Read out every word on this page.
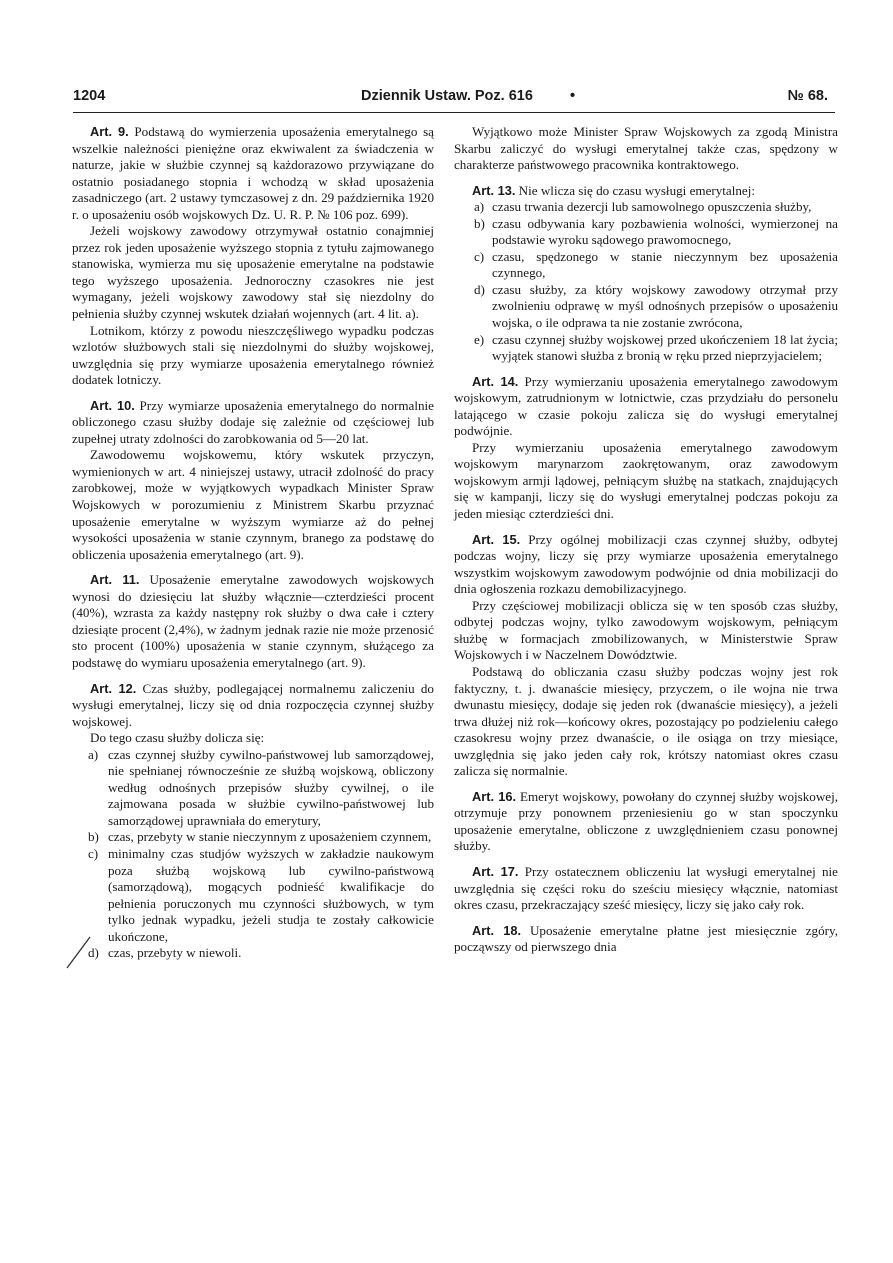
1204	Dziennik Ustaw. Poz. 616	•	№ 68.

Art. 9. Podstawą do wymierzenia uposażenia emerytalnego są wszelkie należności pieniężne oraz ekwiwalent za świadczenia w naturze, jakie w służbie czynnej są każdorazowo przywiązane do ostatnio posiadanego stopnia i wchodzą w skład uposażenia zasadniczego (art. 2 ustawy tymczasowej z dn. 29 października 1920 r. o uposażeniu osób wojskowych Dz. U. R. P. № 106 poz. 699).

Jeżeli wojskowy zawodowy otrzymywał ostatnio conajmniej przez rok jeden uposażenie wyższego stopnia z tytułu zajmowanego stanowiska, wymierza mu się uposażenie emerytalne na podstawie tego wyższego uposażenia. Jednoroczny czasokres nie jest wymagany, jeżeli wojskowy zawodowy stał się niezdolny do pełnienia służby czynnej wskutek działań wojennych (art. 4 lit. a).

Lotnikom, którzy z powodu nieszczęśliwego wypadku podczas wzlotów służbowych stali się niezdolnymi do służby wojskowej, uwzględnia się przy wymiarze uposażenia emerytalnego również dodatek lotniczy.

Art. 10. Przy wymiarze uposażenia emerytalnego do normalnie obliczonego czasu służby dodaje się zależnie od częściowej lub zupełnej utraty zdolności do zarobkowania od 5—20 lat.

Zawodowemu wojskowemu, który wskutek przyczyn, wymienionych w art. 4 niniejszej ustawy, utracił zdolność do pracy zarobkowej, może w wyjątkowych wypadkach Minister Spraw Wojskowych w porozumieniu z Ministrem Skarbu przyznać uposażenie emerytalne w wyższym wymiarze aż do pełnej wysokości uposażenia w stanie czynnym, branego za podstawę do obliczenia uposażenia emerytalnego (art. 9).

Art. 11. Uposażenie emerytalne zawodowych wojskowych wynosi do dziesięciu lat służby włącznie—czterdzieści procent (40%), wzrasta za każdy następny rok służby o dwa całe i cztery dziesiąte procent (2,4%), w żadnym jednak razie nie może przenosić sto procent (100%) uposażenia w stanie czynnym, służącego za podstawę do wymiaru uposażenia emerytalnego (art. 9).

Art. 12. Czas służby, podlegającej normalnemu zaliczeniu do wysługi emerytalnej, liczy się od dnia rozpoczęcia czynnej służby wojskowej.

Do tego czasu służby dolicza się:

a) czas czynnej służby cywilno-państwowej lub samorządowej, nie spełnianej równocześnie ze służbą wojskową, obliczony według odnośnych przepisów służby cywilnej, o ile zajmowana posada w służbie cywilno-państwowej lub samorządowej uprawniała do emerytury,
b) czas, przebyty w stanie nieczynnym z uposażeniem czynnem,
c) minimalny czas studjów wyższych w zakładzie naukowym poza służbą wojskową lub cywilno-państwową (samorządową), mogących podnieść kwalifikacje do pełnienia poruczonych mu czynności służbowych, w tym tylko jednak wypadku, jeżeli studja te zostały całkowicie ukończone,
d) czas, przebyty w niewoli.

Wyjątkowo może Minister Spraw Wojskowych za zgodą Ministra Skarbu zaliczyć do wysługi emerytalnej także czas, spędzony w charakterze państwowego pracownika kontraktowego.

Art. 13. Nie wlicza się do czasu wysługi emerytalnej:

a) czasu trwania dezercji lub samowolnego opuszczenia służby,
b) czasu odbywania kary pozbawienia wolności, wymierzonej na podstawie wyroku sądowego prawomocnego,
c) czasu, spędzonego w stanie nieczynnym bez uposażenia czynnego,
d) czasu służby, za który wojskowy zawodowy otrzymał przy zwolnieniu odprawę w myśl odnośnych przepisów o uposażeniu wojska, o ile odprawa ta nie zostanie zwrócona,
e) czasu czynnej służby wojskowej przed ukończeniem 18 lat życia; wyjątek stanowi służba z bronią w ręku przed nieprzyjacielem;

Art. 14. Przy wymierzaniu uposażenia emerytalnego zawodowym wojskowym, zatrudnionym w lotnictwie, czas przydziału do personelu latającego w czasie pokoju zalicza się do wysługi emerytalnej podwójnie.

Przy wymierzaniu uposażenia emerytalnego zawodowym wojskowym marynarzom zaokrętowanym, oraz zawodowym wojskowym armji lądowej, pełniącym służbę na statkach, znajdujących się w kampanji, liczy się do wysługi emerytalnej podczas pokoju za jeden miesiąc czterdzieści dni.

Art. 15. Przy ogólnej mobilizacji czas czynnej służby, odbytej podczas wojny, liczy się przy wymiarze uposażenia emerytalnego wszystkim wojskowym zawodowym podwójnie od dnia mobilizacji do dnia ogłoszenia rozkazu demobilizacyjnego.

Przy częściowej mobilizacji oblicza się w ten sposób czas służby, odbytej podczas wojny, tylko zawodowym wojskowym, pełniącym służbę w formacjach zmobilizowanych, w Ministerstwie Spraw Wojskowych i w Naczelnem Dowództwie.

Podstawą do obliczania czasu służby podczas wojny jest rok faktyczny, t. j. dwanaście miesięcy, przyczem, o ile wojna nie trwa dwunastu miesięcy, dodaje się jeden rok (dwanaście miesięcy), a jeżeli trwa dłużej niż rok—końcowy okres, pozostający po podzieleniu całego czasokresu wojny przez dwanaście, o ile osiąga on trzy miesiące, uwzględnia się jako jeden cały rok, krótszy natomiast okres czasu zalicza się normalnie.

Art. 16. Emeryt wojskowy, powołany do czynnej służby wojskowej, otrzymuje przy ponownem przeniesieniu go w stan spoczynku uposażenie emerytalne, obliczone z uwzględnieniem czasu ponownej służby.

Art. 17. Przy ostatecznem obliczeniu lat wysługi emerytalnej nie uwzględnia się części roku do sześciu miesięcy włącznie, natomiast okres czasu, przekraczający sześć miesięcy, liczy się jako cały rok.

Art. 18. Uposażenie emerytalne płatne jest miesięcznie zgóry, począwszy od pierwszego dnia
